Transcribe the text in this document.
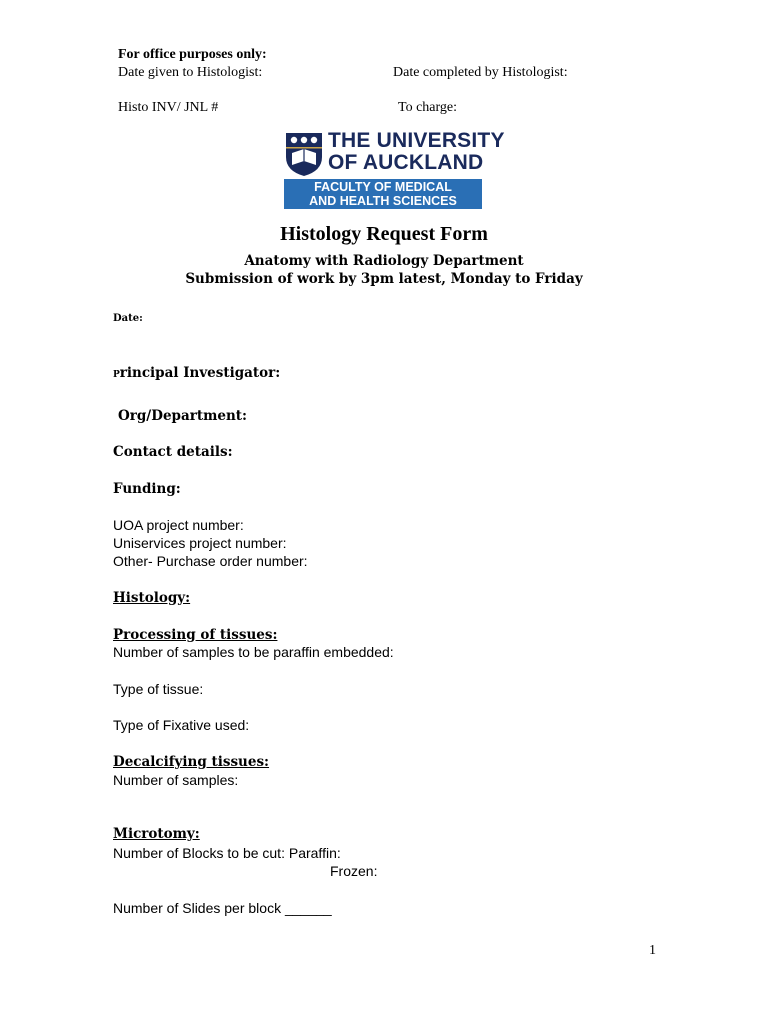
For office purposes only:
Date given to Histologist:	Date completed by Histologist:
Histo INV/ JNL #	To charge:
THE UNIVERSITY
OF AUCKLAND
FACULTY OF MEDICAL
AND HEALTH SCIENCES
Histology Request Form
Anatomy with Radiology Department
Submission of work by 3pm latest, Monday to Friday
Date:
Principal Investigator:
Org/Department:
Contact details:
Funding:
UOA project number:
Uniservices project number:
Other- Purchase order number:
Histology:
Processing of tissues:
Number of samples to be paraffin embedded:
Type of tissue:
Type of Fixative used:
Decalcifying tissues:
Number of samples:
Microtomy:
Number of Blocks to be cut: Paraffin:
Frozen:
Number of Slides per block ______
1
